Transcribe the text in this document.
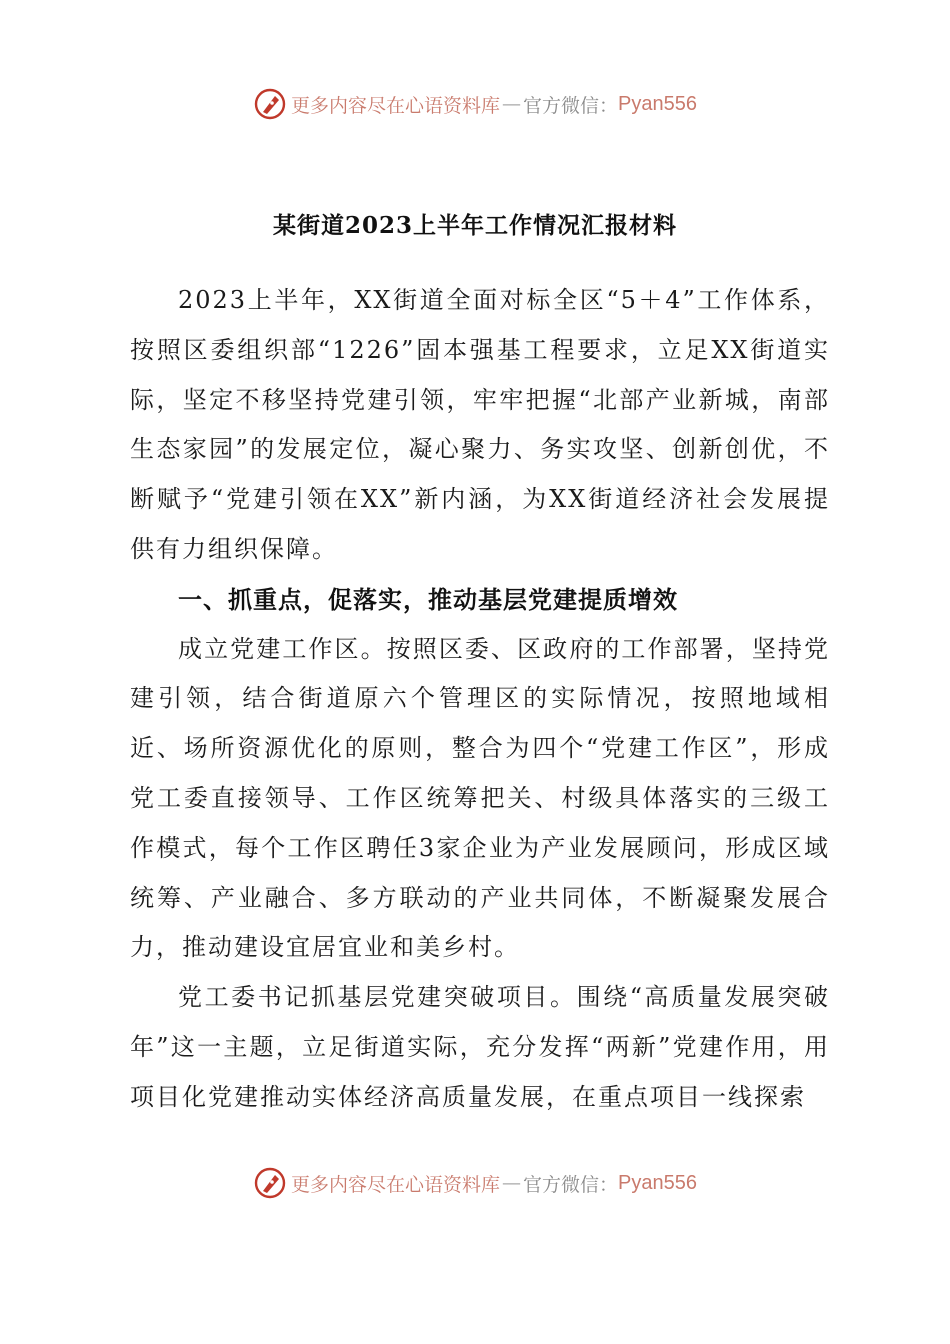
更多内容尽在心语资料库 — 官方微信： Pyan556
某街道2023上半年工作情况汇报材料

2023上半年，XX街道全面对标全区“5＋4”工作体系，按照区委组织部“1226”固本强基工程要求，立足XX街道实际，坚定不移坚持党建引领，牢牢把握“北部产业新城，南部生态家园”的发展定位，凝心聚力、务实攻坚、创新创优，不断赋予“党建引领在XX”新内涵，为XX街道经济社会发展提供有力组织保障。

一、抓重点，促落实，推动基层党建提质增效

成立党建工作区。按照区委、区政府的工作部署，坚持党建引领，结合街道原六个管理区的实际情况，按照地域相近、场所资源优化的原则，整合为四个“党建工作区”，形成党工委直接领导、工作区统筹把关、村级具体落实的三级工作模式，每个工作区聘任3家企业为产业发展顾问，形成区域统筹、产业融合、多方联动的产业共同体，不断凝聚发展合力，推动建设宜居宜业和美乡村。

党工委书记抓基层党建突破项目。围绕“高质量发展突破年”这一主题，立足街道实际，充分发挥“两新”党建作用，用项目化党建推动实体经济高质量发展，在重点项目一线探索

更多内容尽在心语资料库 — 官方微信： Pyan556
